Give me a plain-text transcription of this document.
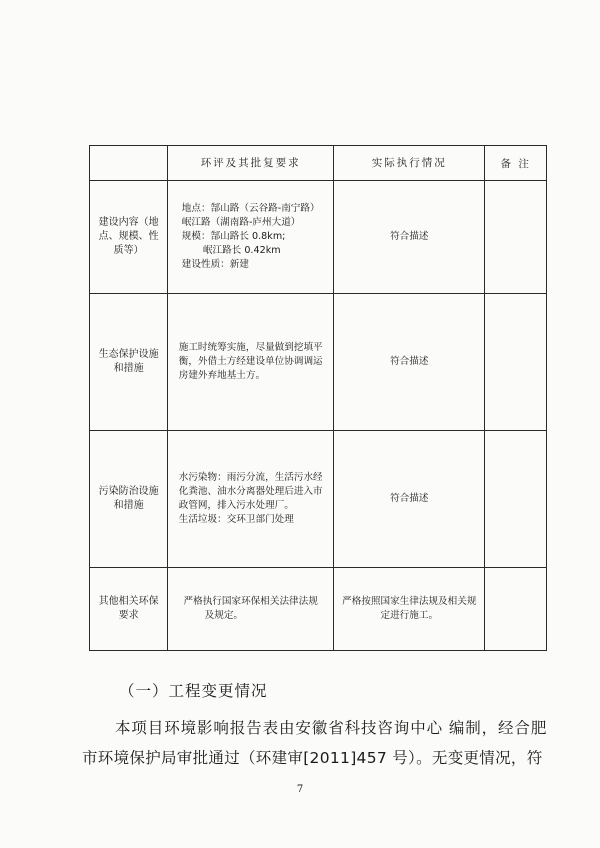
	环评及其批复要求	实际执行情况	备 注
建设内容（地点、规模、性质等）	地点：郜山路（云谷路-南宁路）
岷江路（湖南路-庐州大道）
规模：郜山路长 0.8km;
岷江路长 0.42km
建设性质：新建	符合描述	
生态保护设施和措施	施工时统筹实施，尽量做到挖填平
衡，外借土方经建设单位协调调运
房建外弃地基土方。	符合描述	
污染防治设施和措施	水污染物：雨污分流，生活污水经
化粪池、油水分离器处理后进入市
政管网，排入污水处理厂。
生活垃圾：交环卫部门处理	符合描述	
其他相关环保要求	严格执行国家环保相关法律法规
及规定。	严格按照国家生律法规及相关规定进行施工。	
（一）工程变更情况
本项目环境影响报告表由安徽省科技咨询中心 编制，经合肥
市环境保护局审批通过（环建审[2011]457 号）。无变更情况，符
7
